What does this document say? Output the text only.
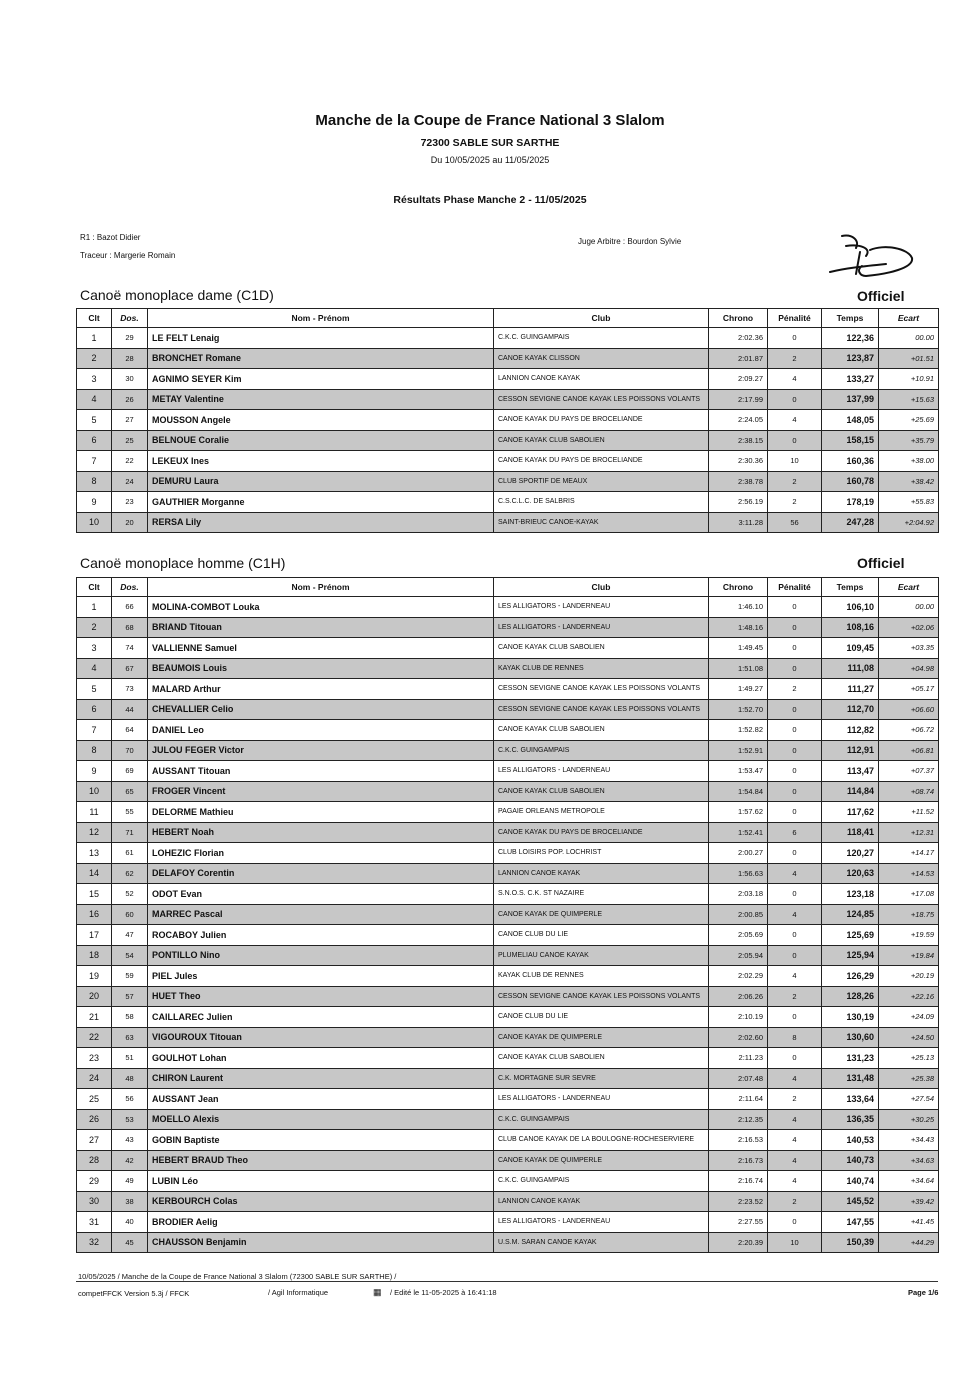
Manche de la Coupe de France National 3 Slalom
72300 SABLE SUR SARTHE
Du 10/05/2025 au 11/05/2025
Résultats Phase Manche 2 - 11/05/2025
R1 : Bazot Didier
Traceur : Margerie Romain
Juge Arbitre : Bourdon Sylvie
Canoë monoplace dame (C1D)	Officiel
Clt	Dos.	Nom - Prénom	Club	Chrono	Pénalité	Temps	Ecart
1	29	LE FELT Lenaig	C.K.C. GUINGAMPAIS	2:02.36	0	122,36	00.00
2	28	BRONCHET Romane	CANOE KAYAK CLISSON	2:01.87	2	123,87	+01.51
3	30	AGNIMO SEYER Kim	LANNION CANOE KAYAK	2:09.27	4	133,27	+10.91
4	26	METAY Valentine	CESSON SEVIGNE CANOE KAYAK LES POISSONS VOLANTS	2:17.99	0	137,99	+15.63
5	27	MOUSSON Angele	CANOE KAYAK DU PAYS DE BROCELIANDE	2:24.05	4	148,05	+25.69
6	25	BELNOUE Coralie	CANOE KAYAK CLUB SABOLIEN	2:38.15	0	158,15	+35.79
7	22	LEKEUX Ines	CANOE KAYAK DU PAYS DE BROCELIANDE	2:30.36	10	160,36	+38.00
8	24	DEMURU Laura	CLUB SPORTIF DE MEAUX	2:38.78	2	160,78	+38.42
9	23	GAUTHIER Morganne	C.S.C.L.C. DE SALBRIS	2:56.19	2	178,19	+55.83
10	20	RERSA Lily	SAINT-BRIEUC CANOE-KAYAK	3:11.28	56	247,28	+2:04.92
Canoë monoplace homme (C1H)	Officiel
Clt	Dos.	Nom - Prénom	Club	Chrono	Pénalité	Temps	Ecart
1	66	MOLINA-COMBOT Louka	LES ALLIGATORS - LANDERNEAU	1:46.10	0	106,10	00.00
2	68	BRIAND Titouan	LES ALLIGATORS - LANDERNEAU	1:48.16	0	108,16	+02.06
3	74	VALLIENNE Samuel	CANOE KAYAK CLUB SABOLIEN	1:49.45	0	109,45	+03.35
4	67	BEAUMOIS Louis	KAYAK CLUB DE RENNES	1:51.08	0	111,08	+04.98
5	73	MALARD Arthur	CESSON SEVIGNE CANOE KAYAK LES POISSONS VOLANTS	1:49.27	2	111,27	+05.17
6	44	CHEVALLIER Celio	CESSON SEVIGNE CANOE KAYAK LES POISSONS VOLANTS	1:52.70	0	112,70	+06.60
7	64	DANIEL Leo	CANOE KAYAK CLUB SABOLIEN	1:52.82	0	112,82	+06.72
8	70	JULOU FEGER Victor	C.K.C. GUINGAMPAIS	1:52.91	0	112,91	+06.81
9	69	AUSSANT Titouan	LES ALLIGATORS - LANDERNEAU	1:53.47	0	113,47	+07.37
10	65	FROGER Vincent	CANOE KAYAK CLUB SABOLIEN	1:54.84	0	114,84	+08.74
11	55	DELORME Mathieu	PAGAIE ORLEANS METROPOLE	1:57.62	0	117,62	+11.52
12	71	HEBERT Noah	CANOE KAYAK DU PAYS DE BROCELIANDE	1:52.41	6	118,41	+12.31
13	61	LOHEZIC Florian	CLUB LOISIRS POP. LOCHRIST	2:00.27	0	120,27	+14.17
14	62	DELAFOY Corentin	LANNION CANOE KAYAK	1:56.63	4	120,63	+14.53
15	52	ODOT Evan	S.N.O.S. C.K. ST NAZAIRE	2:03.18	0	123,18	+17.08
16	60	MARREC Pascal	CANOE KAYAK DE QUIMPERLE	2:00.85	4	124,85	+18.75
17	47	ROCABOY Julien	CANOE CLUB DU LIE	2:05.69	0	125,69	+19.59
18	54	PONTILLO Nino	PLUMELIAU CANOE KAYAK	2:05.94	0	125,94	+19.84
19	59	PIEL Jules	KAYAK CLUB DE RENNES	2:02.29	4	126,29	+20.19
20	57	HUET Theo	CESSON SEVIGNE CANOE KAYAK LES POISSONS VOLANTS	2:06.26	2	128,26	+22.16
21	58	CAILLAREC Julien	CANOE CLUB DU LIE	2:10.19	0	130,19	+24.09
22	63	VIGOUROUX Titouan	CANOE KAYAK DE QUIMPERLE	2:02.60	8	130,60	+24.50
23	51	GOULHOT Lohan	CANOE KAYAK CLUB SABOLIEN	2:11.23	0	131,23	+25.13
24	48	CHIRON Laurent	C.K. MORTAGNE SUR SEVRE	2:07.48	4	131,48	+25.38
25	56	AUSSANT Jean	LES ALLIGATORS - LANDERNEAU	2:11.64	2	133,64	+27.54
26	53	MOELLO Alexis	C.K.C. GUINGAMPAIS	2:12.35	4	136,35	+30.25
27	43	GOBIN Baptiste	CLUB CANOE KAYAK DE LA BOULOGNE-ROCHESERVIERE	2:16.53	4	140,53	+34.43
28	42	HEBERT BRAUD Theo	CANOE KAYAK DE QUIMPERLE	2:16.73	4	140,73	+34.63
29	49	LUBIN Léo	C.K.C. GUINGAMPAIS	2:16.74	4	140,74	+34.64
30	38	KERBOURCH Colas	LANNION CANOE KAYAK	2:23.52	2	145,52	+39.42
31	40	BRODIER Aelig	LES ALLIGATORS - LANDERNEAU	2:27.55	0	147,55	+41.45
32	45	CHAUSSON Benjamin	U.S.M. SARAN CANOE KAYAK	2:20.39	10	150,39	+44.29
10/05/2025 / Manche de la Coupe de France National 3 Slalom (72300 SABLE SUR SARTHE) /
competFFCK Version 5.3j / FFCK	/ Agil Informatique	▦ / Edité le 11-05-2025 à 16:41:18	Page 1/6
